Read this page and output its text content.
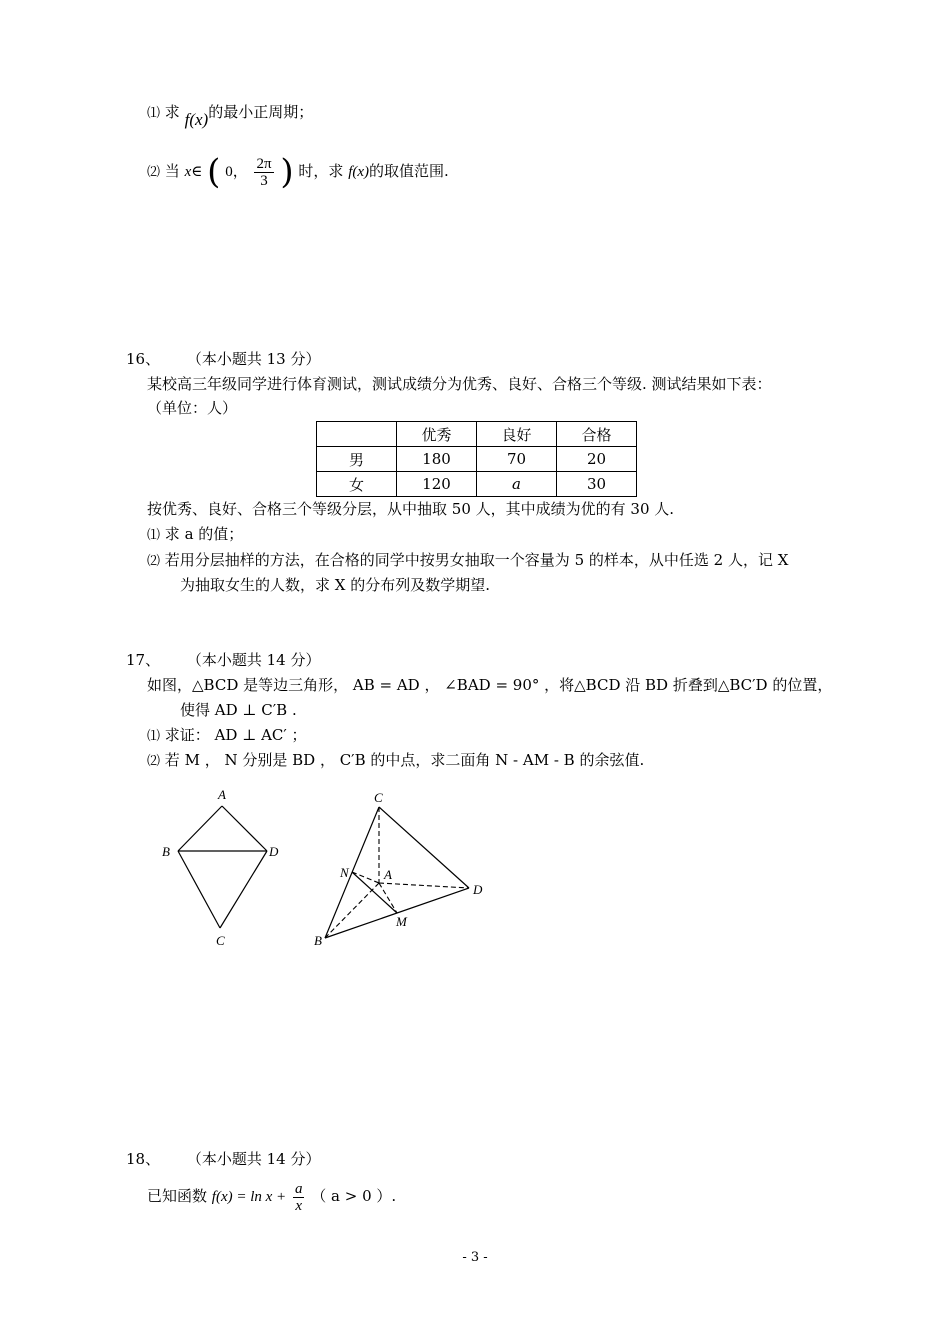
⑴ 求 f(x)的最小正周期；
⑵ 当 x∈ ( 0， $\frac{2\pi}{3}$ ) 时，求 f(x)的取值范围.
16、 （本小题共 13 分）
某校高三年级同学进行体育测试，测试成绩分为优秀、良好、合格三个等级. 测试结果如下表：
（单位：人）
	优秀	良好	合格
男	180	70	20
女	120	a	30
按优秀、良好、合格三个等级分层，从中抽取 50 人，其中成绩为优的有 30 人.
⑴ 求 a 的值；
⑵ 若用分层抽样的方法，在合格的同学中按男女抽取一个容量为 5 的样本，从中任选 2 人，记 X
为抽取女生的人数，求 X 的分布列及数学期望.
17、 （本小题共 14 分）
如图，△BCD 是等边三角形， AB = AD ， ∠BAD = 90° ，将△BCD 沿 BD 折叠到△BC′D 的位置，
使得 AD ⊥ C′B .
⑴ 求证： AD ⊥ AC′ ；
⑵ 若 M ， N 分别是 BD ， C′B 的中点，求二面角 N - AM - B 的余弦值.
A
B	D
C
C
N	A
D
M
B
18、 （本小题共 14 分）
已知函数 $f(x) = \ln x + \frac{a}{x}$ （ a > 0 ）.
- 3 -
